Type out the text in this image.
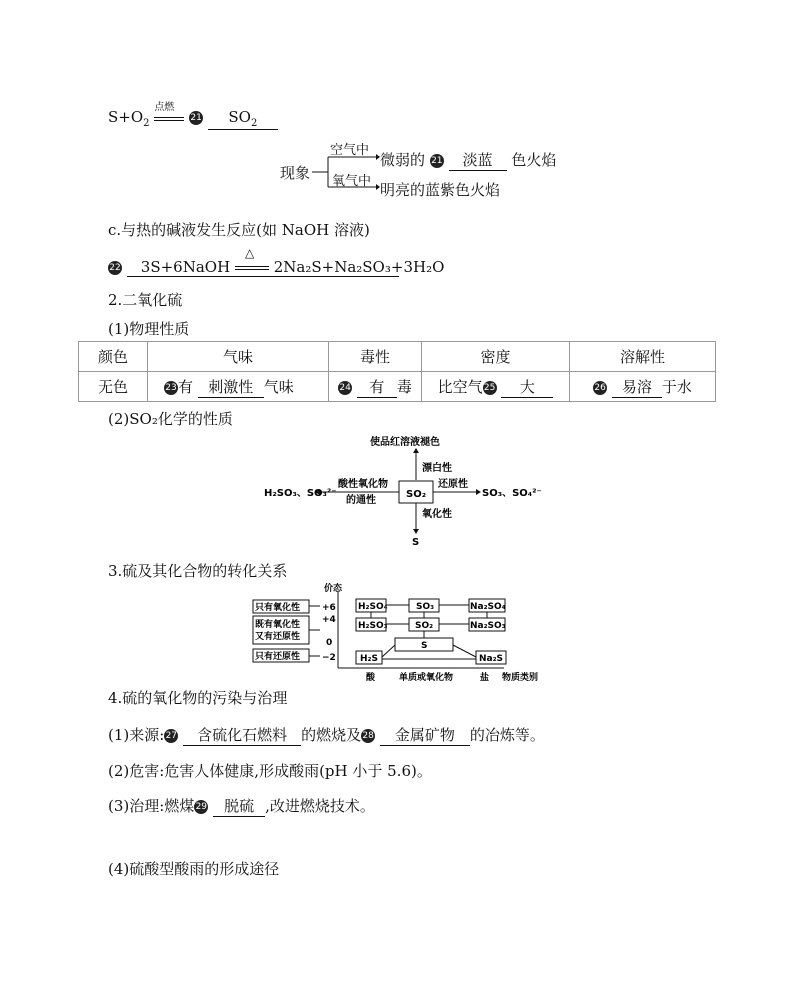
$S+O_2$
点燃
21 $SO_2$
现象
空气中
氧气中
微弱的 21 淡蓝 色火焰
明亮的蓝紫色火焰
c.与热的碱液发生反应(如 NaOH 溶液)
22 3S+6NaOH
△
2Na₂S+Na₂SO₃+3H₂O
2.二氧化硫
(1)物理性质
颜色	气味	毒性	密度	溶解性
无色	23有 刺激性 气味	24 有 毒	比空气25 大	26 易溶 于水
(2)SO₂化学的性质
使品红溶液褪色
漂白性
SO₂
酸性氧化物
的通性
H₂SO₃、SO₃²⁻
还原性
SO₃、SO₄²⁻
氧化性
S
3.硫及其化合物的转化关系
只有氧化性
既有氧化性
又有还原性
只有还原性
价态
+6
+4
0
−2
H₂SO₄	SO₃	Na₂SO₄
H₂SO₃	SO₂	Na₂SO₃
S
H₂S	Na₂S
酸	单质或氧化物	盐 物质类别
4.硫的氧化物的污染与治理
(1)来源:27 含硫化石燃料 的燃烧及28 金属矿物 的冶炼等。
(2)危害:危害人体健康,形成酸雨(pH 小于 5.6)。
(3)治理:燃煤29 脱硫 ,改进燃烧技术。
(4)硫酸型酸雨的形成途径
